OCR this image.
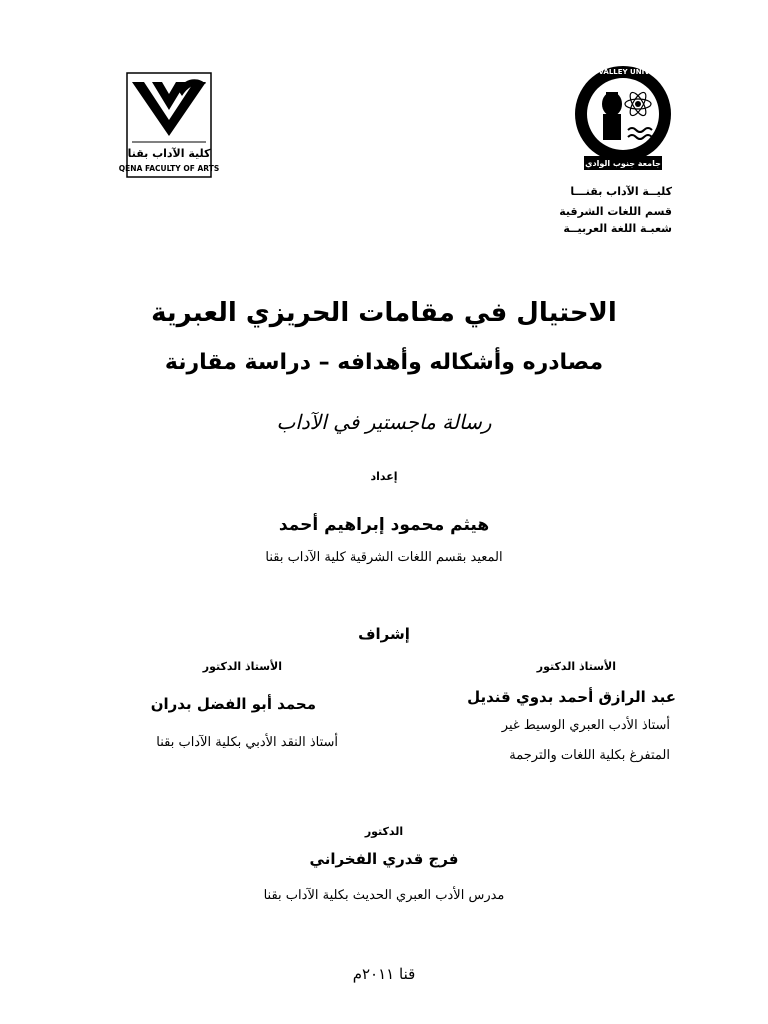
كلية الآداب بقنا
QENA FACULTY OF ARTS
SOUTH VALLEY UNIVERSITY
جامعة جنوب الوادي
كليــة الآداب بقنـــا
قسم اللغات الشرقية
شعبـة اللغة العربيــة
الاحتيال في مقامات الحريزي العبرية
مصادره وأشكاله وأهدافه – دراسة مقارنة
رسالة ماجستير في الآداب
إعداد
هيثم محمود إبراهيم أحمد
المعيد بقسم اللغات الشرقية كلية الآداب بقنا
إشراف
الأستاذ الدكتور
عبد الرازق أحمد بدوي قنديل
أستاذ الأدب العبري الوسيط غير
المتفرغ بكلية اللغات والترجمة
الأستاذ الدكتور
محمد أبو الفضل بدران
أستاذ النقد الأدبي بكلية الآداب بقنا
الدكتور
فرج قدري الفخراني
مدرس الأدب العبري الحديث بكلية الآداب بقنا
قنا ٢٠١١م
